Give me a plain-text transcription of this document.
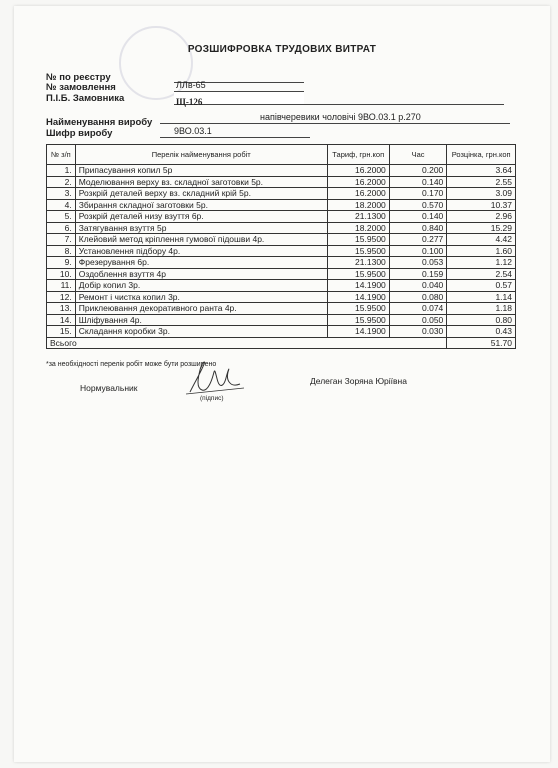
РОЗШИФРОВКА ТРУДОВИХ ВИТРАТ
№ по реєстру
№ замовлення	ЛЛв-65
П.І.Б. Замовника	Щ-126
Найменування виробу	напівчеревики чоловічі 9ВО.03.1 р.270
Шифр виробу	9ВО.03.1
№ з/п	Перелік найменування робіт	Тариф, грн.коп	Час	Розцінка, грн.коп
1.	Припасування копил 5р	16.2000	0.200	3.64
2.	Моделювання верху вз. складної заготовки 5р.	16.2000	0.140	2.55
3.	Розкрій деталей верху вз. складний крій 5р.	16.2000	0.170	3.09
4.	Збирання складної заготовки 5р.	18.2000	0.570	10.37
5.	Розкрій деталей низу взуття 6р.	21.1300	0.140	2.96
6.	Затягування взуття 5р	18.2000	0.840	15.29
7.	Клейовий метод кріплення гумової підошви 4р.	15.9500	0.277	4.42
8.	Установлення підбору 4р.	15.9500	0.100	1.60
9.	Фрезерування 6р.	21.1300	0.053	1.12
10.	Оздоблення взуття 4р	15.9500	0.159	2.54
11.	Добір копил 3р.	14.1900	0.040	0.57
12.	Ремонт і чистка копил 3р.	14.1900	0.080	1.14
13.	Приклеювання декоративного ранта 4р.	15.9500	0.074	1.18
14.	Шліфування 4р.	15.9500	0.050	0.80
15.	Складання коробки 3р.	14.1900	0.030	0.43
Всього				51.70
*за необхідності перелік робіт може бути розширено
Нормувальник
(підпис)
Делеган Зоряна Юріївна
